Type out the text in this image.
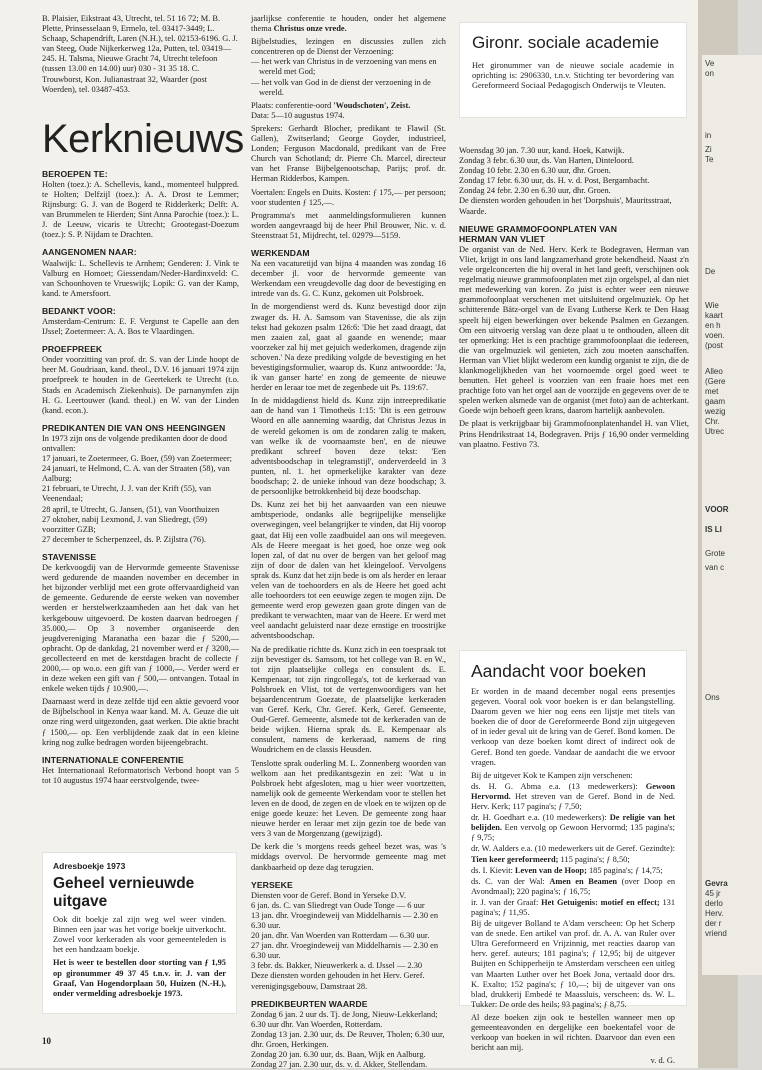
B. Plaisier, Eikstraat 43, Utrecht, tel. 51 16 72; M. B. Plette, Prinsesselaan 9, Ermelo, tel. 03417-3449; L. Schaap, Schapendrift, Laren (N.H.), tel. 02153-6196. G. J. van Steeg, Oude Nijkerkerweg 12a, Putten, tel. 03419—245. H. Talsma, Nieuwe Gracht 74, Utrecht telefoon (tussen 13.00 en 14.00) uur) 030 - 31 35 18. C. Trouwborst, Kon. Julianastraat 32, Waarder (post Woerden), tel. 03487-453.

Kerknieuws
BEROEPEN TE:

Holten (toez.): A. Schellevis, kand., momenteel hulppred. te Holten; Delfzijl (toez.): A. A. Drost te Lemmer; Rijnsburg: G. J. van de Bogerd te Ridderkerk; Delft: A. van Brummelen te Hierden; Sint Anna Parochie (toez.): L. J. de Leeuw, vicaris te Utrecht; Grootegast-Doezum (toez.): S. P. Nijdam te Drachten.

AANGENOMEN NAAR:

Waalwijk: L. Schellevis te Arnhem; Genderen: J. Vink te Valburg en Homoet; Giessendam/Neder-Hardinxveld: C. van Schoonhoven te Vrueswijk; Lopik: G. van der Kamp, kand. te Amersfoort.

BEDANKT VOOR:

Amsterdam-Centrum: E. F. Vergunst te Capelle aan den IJssel; Zoetermeer: A. A. Bos te Vlaardingen.

PROEFPREEK

Onder voorzitting van prof. dr. S. van der Linde hoopt de heer M. Goudriaan, kand. theol., D.V. 16 januari 1974 zijn proefpreek te houden in de Geertekerk te Utrecht (t.o. Stads en Academisch Ziekenhuis). De parnanymfen zijn H. G. Leertouwer (kand. theol.) en W. van der Linden (kand. econ.).

PREDIKANTEN DIE VAN ONS HEENGINGEN
In 1973 zijn ons de volgende predikanten door de dood ontvallen:
17 januari, te Zoetermeer, G. Boer, (59) van Zoetermeer;
24 januari, te Helmond, C. A. van der Straaten (58), van Aalburg;
21 februari, te Utrecht, J. J. van der Krift (55), van Veenendaal;
28 april, te Utrecht, G. Jansen, (51), van Voorthuizen
27 oktober, nabij Lexmond, J. van Sliedregt, (59) voorzitter GZB;
27 december te Scherpenzeel, ds. P. Zijlstra (76).
STAVENISSE

De kerkvoogdij van de Hervormde gemeente Stavenisse werd gedurende de maanden november en december in het bijzonder verblijd met een grote offervaardigheid van de gemeente. Gedurende de eerste weken van november werden er herstelwerkzaamheden aan het dak van het kerkgebouw uitgevoerd. De kosten daarvan bedroegen ƒ 35.000,— Op 3 november organiseerde den jeugdvereniging Maranatha een bazar die ƒ 5200,— opbracht. Op de dankdag, 21 november werd er ƒ 3200,— gecollecteerd en met de kerstdagen bracht de collecte ƒ 2000,— op wo.o. een gift van ƒ 1000,—. Verder werd er in deze weken een gift van ƒ 500,— ontvangen. Totaal in enkele weken tijds ƒ 10.900,—.

Daarnaast werd in deze zelfde tijd een aktie gevoerd voor de Bijbelschool in Kenya waar kand. M. A. Geuze die uit onze ring werd uitgezonden, gaat werken. Die aktie bracht ƒ 1500,— op. Een verblijdende zaak dat in een kleine kring nog zulke bedragen worden bijeengebracht.

INTERNATIONALE CONFERENTIE

Het Internationaal Reformatorisch Verbond hoopt van 5 tot 10 augustus 1974 haar eerstvolgende, twee-

Adresboekje 1973
Geheel vernieuwde
uitgave

Ook dit boekje zal zijn weg wel weer vinden. Binnen een jaar was het vorige boekje uitverkocht. Zowel voor kerkeraden als voor gemeenteleden is het een handzaam boekje.

Het is weer te bestellen door storting van ƒ 1,95 op gironummer 49 37 45 t.n.v. ir. J. van der Graaf, Van Hogendorplaan 50, Huizen (N.-H.), onder vermelding adresboekje 1973.

jaarlijkse conferentie te houden, onder het algemene thema Christus onze vrede.

Bijbelstudies, lezingen en discussies zullen zich concentreren op de Dienst der Verzoening:

— het werk van Christus in de verzoening van mens en wereld met God;
— het volk van God in de dienst der verzoening in de wereld.

Plaats: conferentie-oord 'Woudschoten', Zeist.

Data: 5—10 augustus 1974.

Sprekers: Gerhardt Blocher, predikant te Flawil (St. Gallen), Zwitserland; George Goyder, industrieel, Londen; Ferguson Macdonald, predikant van de Free Church van Schotland; dr. Pierre Ch. Marcel, directeur van het Franse Bijbelgenootschap, Parijs; prof. dr. Herman Ridderbos, Kampen.

Voertalen: Engels en Duits. Kosten: ƒ 175,— per persoon; voor studenten ƒ 125,—.

Programma's met aanmeldingsformulieren kunnen worden aangevraagd bij de heer Phil Brouwer, Nic. v. d. Steenstraat 51, Mijdrecht, tel. 02979—5159.

WERKENDAM

Na een vacaturetijd van bijna 4 maanden was zondag 16 december jl. voor de hervormde gemeente van Werkendam een vreugdevolle dag door de bevestiging en intrede van ds. G. C. Kunz, gekomen uit Polsbroek.

In de morgendienst werd ds. Kunz bevestigd door zijn zwager ds. H. A. Samsom van Stavenisse, die als zijn tekst had gekozen psalm 126:6: 'Die het zaad draagt, dat men zaaien zal, gaat al gaande en wenende; maar voorzeker zal hij met gejuich wederkomen, dragende zijn schoven.' Na deze prediking volgde de bevestiging en het bevestigingsformulier, waarop ds. Kunz antwoordde: 'Ja, ik van ganser harte' en zong de gemeente de nieuwe herder en leraar toe met de zegenbede uit Ps. 119:67.

In de middagdienst hield ds. Kunz zijn intreepredikatie aan de hand van 1 Timotheüs 1:15: 'Dit is een getrouw Woord en alle aanneming waardig, dat Christus Jezus in de wereld gekomen is om de zondaren zalig te maken, van welke ik de voornaamste ben', en de nieuwe predikant schreef boven deze tekst: 'Een adventsboodschap in telegramstijl', onderverdeeld in 3 punten, nl. 1. het opmerkelijke karakter van deze boodschap; 2. de unieke inhoud van deze boodschap; 3. de persoonlijke betrokkenheid bij deze boodschap.

Ds. Kunz zei het bij het aanvaarden van een nieuwe ambtsperiode, ondanks alle begrijpelijke menselijke overwegingen, veel belangrijker te vinden, dat Hij voorop gaat, dat Hij een volle zaadbuidel aan ons wil meegeven. Als de Heere meegaat is het goed, hoe onze weg ook lopen zal, of dat nu over de bergen van het geloof mag zijn of door de dalen van het kleingeloof. Vervolgens sprak ds. Kunz dat het zijn bede is om als herder en leraar velen van de toehoorders en als de Heere het goed acht alle toehoorders tot een eeuwige zegen te mogen zijn. De gemeente werd erop gewezen gaan grote dingen van de predikant te verwachten, maar van de Heere. Er werd met veel aandacht geluisterd naar deze ernstige en troostrijke adventsboodschap.

Na de predikatie richtte ds. Kunz zich in een toespraak tot zijn bevestiger ds. Samsom, tot het college van B. en W., tot zijn plaatselijke collega en consulent ds. E. Kempenaar, tot zijn ringcollega's, tot de kerkeraad van Polsbroek en Vlist, tot de vertegenwoordigers van het bejaardencentrum Goezate, de plaatselijke kerkeraden van Geref. Kerk, Chr. Geref. Kerk, Geref. Gemeente, Oud-Geref. Gemeente, alsmede tot de kerkeraden van de beide wijken. Hierna sprak ds. E. Kempenaar als consulent, namens de kerkeraad, namens de ring Woudrichem en de classis Heusden.

Tenslotte sprak ouderling M. L. Zonnenberg woorden van welkom aan het predikantsgezin en zei: 'Wat u in Polsbroek hebt afgesloten, mag u hier weer voortzetten, namelijk ook de gemeente Werkendam voor te stellen het leven en de dood, de zegen en de vloek en te wijzen op de enige goede keuze: het Leven. De gemeente zong haar nieuwe herder en leraar met zijn gezin toe de bede van vers 3 van de Morgenzang (gewijzigd).

De kerk die 's morgens reeds geheel bezet was, was 's middags overvol. De hervormde gemeente mag met dankbaarheid op deze dag terugzien.

YERSEKE
Diensten voor de Geref. Bond in Yerseke D.V.
6 jan. ds. C. van Sliedregt van Oude Tonge — 6 uur
13 jan. dhr. Vroegindeweij van Middelharnis — 2.30 en 6.30 uur.
20 jan. dhr. Van Woerden van Rotterdam — 6.30 uur.
27 jan. dhr. Vroegindeweij van Middelharnis — 2.30 en 6.30 uur.
3 febr. ds. Bakker, Nieuwerkerk a. d. IJssel — 2.30
Deze diensten worden gehouden in het Herv. Geref. verenigingsgebouw, Damstraat 28.
PREDIKBEURTEN WAARDE
Zondag 6 jan. 2 uur ds. Tj. de Jong, Nieuw-Lekkerland; 6.30 uur dhr. Van Woerden, Rotterdam.
Zondag 13 jan. 2.30 uur, ds. De Reuver, Tholen; 6.30 uur, dhr. Groen, Herkingen.
Zondag 20 jan. 6.30 uur, ds. Baan, Wijk en Aalburg.
Zondag 27 jan. 2.30 uur, ds. v. d. Akker, Stellendam.
Gironr. sociale academie

Het gironummer van de nieuwe sociale academie in oprichting is: 2906330, t.n.v. Stichting ter bevordering van Gereformeerd Sociaal Pedagogisch Onderwijs te Vleuten.

Woensdag 30 jan. 7.30 uur, kand. Hoek, Katwijk.
Zondag 3 febr. 6.30 uur, ds. Van Harten, Dinteloord.
Zondag 10 febr. 2.30 en 6.30 uur, dhr. Groen.
Zondag 17 febr. 6.30 uur, ds. H. v. d. Post, Bergambacht.
Zondag 24 febr. 2.30 en 6.30 uur, dhr. Groen.
De diensten worden gehouden in het 'Dorpshuis', Mauritsstraat, Waarde.
NIEUWE GRAMMOFOONPLATEN VAN
HERMAN VAN VLIET

De organist van de Ned. Herv. Kerk te Bodegraven, Herman van Vliet, krijgt in ons land langzamerhand grote bekendheid. Naast z'n vele orgelconcerten die hij overal in het land geeft, verschijnen ook regelmatig nieuwe grammofoonplaten met zijn orgelspel, al dan niet met medewerking van koren. Zo juist is echter weer een nieuwe grammofoonplaat verschenen met uitsluitend orgelmuziek. Op het schitterende Bätz-orgel van de Evang Lutherse Kerk te Den Haag speelt hij eigen bewerkingen over bekende Psalmen en Gezangen. Om een uitvoerig verslag van deze plaat u te onthouden, alleen dit ter opmerking: Het is een prachtige grammofoonplaat die iedereen, die van orgelmuziek wil genieten, zich zou moeten aanschaffen. Herman van Vliet blijkt wederom een kundig organist te zijn, die de klankmogelijkheden van het voornoemde orgel goed weet te benutten. Het geheel is voorzien van een fraaie hoes met een prachtige foto van het orgel aan de voorzijde en gegevens over de te spelen werken alsmede van de organist (met foto) aan de achterkant. Goede wijn behoeft geen krans, daarom hartelijk aanbevolen.

De plaat is verkrijgbaar bij Grammofoonplatenhandel H. van Vliet, Prins Hendrikstraat 14, Bodegraven. Prijs ƒ 16,90 onder vermelding van plaatno. Festivo 73.

Aandacht voor boeken

Er worden in de maand december nogal eens presentjes gegeven. Vooral ook voor boeken is er dan belangstelling. Daarom geven we hier nog eens een lijstje met titels van boeken die of door de Gereformeerde Bond zijn uitgegeven of in ieder geval uit de kring van de Geref. Bond komen. De verkoop van deze boeken komt direct of indirect ook de Geref. Bond ten goede. Vandaar de aandacht die we ervoor vragen.

Bij de uitgever Kok te Kampen zijn verschenen:

ds. H. G. Abma e.a. (13 medewerkers): Gewoon Hervormd. Het streven van de Geref. Bond in de Ned. Herv. Kerk; 117 pagina's; ƒ 7,50;

dr. H. Goedhart e.a. (10 medewerkers): De religie van het belijden. Een vervolg op Gewoon Hervormd; 135 pagina's; ƒ 9,75;

dr. W. Aalders e.a. (10 medewerkers uit de Geref. Gezindte): Tien keer gereformeerd; 115 pagina's; ƒ 8,50;

ds. I. Kievit: Leven van de Hoop; 185 pagina's; ƒ 14,75;

ds. C. van der Wal: Amen en Beamen (over Doop en Avondmaal); 220 pagina's; ƒ 16,75;

ir. J. van der Graaf: Het Getuigenis: motief en effect; 131 pagina's; ƒ 11,95.

Bij de uitgever Bolland te A'dam verscheen: Op het Scherp van de snede. Een artikel van prof. dr. A. A. van Ruler over Ultra Gereformeerd en Vrijzinnig, met reacties daarop van herv. geref. auteurs; 181 pagina's; ƒ 12,95; bij de uitgever Buijten en Schipperheijn te Amsterdam verscheen een uitleg van Maarten Luther over het Boek Jona, vertaald door drs. K. Exalto; 152 pagina's; ƒ 10,—; bij de uitgever van ons blad, drukkerij Embedé te Maassluis, verscheen: ds. W. L. Tukker: De orde des heils; 93 pagina's; ƒ 8,75.

Al deze boeken zijn ook te bestellen wanneer men op gemeenteavonden en dergelijke een boekentafel voor de verkoop van boeken in wil richten. Daarvoor dan even een bericht aan mij.

v. d. G.
10
Ve
on
in
Zi
Te
De
Wie
kaart
en h
voen.
(post
Alleo
(Gere
met
gaam
wezig
Chr.
Utrec
VOOR
IS LI
Grote
van c
Ons
Gevra
45 jr
derlo
Herv.
der r
vriend
